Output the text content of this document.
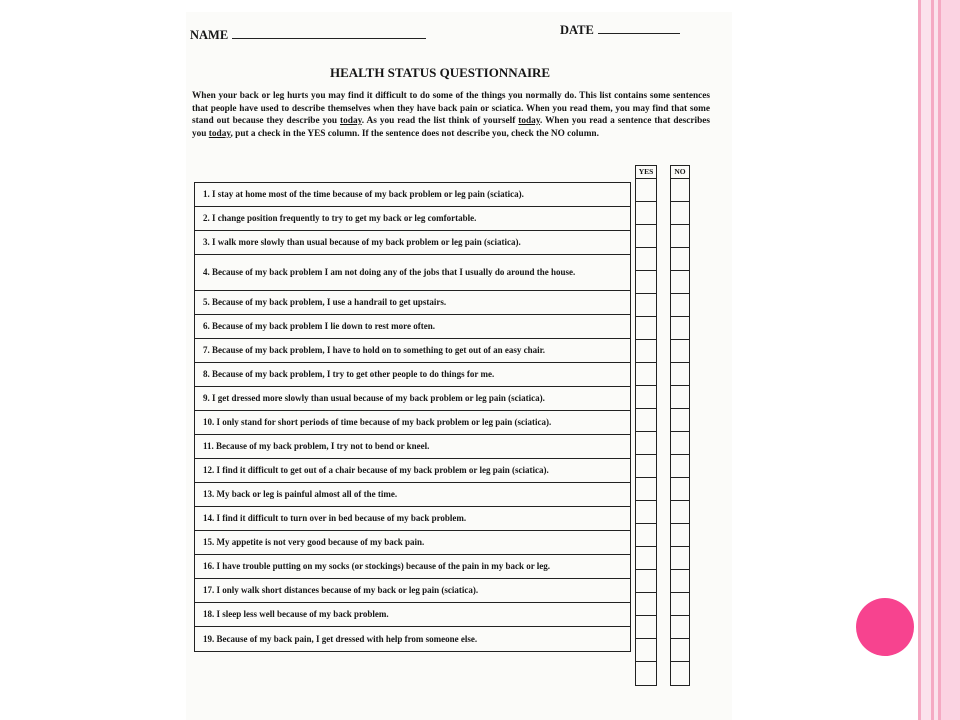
NAME	DATE
HEALTH STATUS QUESTIONNAIRE
When your back or leg hurts you may find it difficult to do some of the things you normally do. This list contains some sentences that people have used to describe themselves when they have back pain or sciatica. When you read them, you may find that some stand out because they describe you today. As you read the list think of yourself today. When you read a sentence that describes you today, put a check in the YES column. If the sentence does not describe you, check the NO column.
YES	NO
1. I stay at home most of the time because of my back problem or leg pain (sciatica).
2. I change position frequently to try to get my back or leg comfortable.
3. I walk more slowly than usual because of my back problem or leg pain (sciatica).
4. Because of my back problem I am not doing any of the jobs that I usually do around the house.
5. Because of my back problem, I use a handrail to get upstairs.
6. Because of my back problem I lie down to rest more often.
7. Because of my back problem, I have to hold on to something to get out of an easy chair.
8. Because of my back problem, I try to get other people to do things for me.
9. I get dressed more slowly than usual because of my back problem or leg pain (sciatica).
10. I only stand for short periods of time because of my back problem or leg pain (sciatica).
11. Because of my back problem, I try not to bend or kneel.
12. I find it difficult to get out of a chair because of my back problem or leg pain (sciatica).
13. My back or leg is painful almost all of the time.
14. I find it difficult to turn over in bed because of my back problem.
15. My appetite is not very good because of my back pain.
16. I have trouble putting on my socks (or stockings) because of the pain in my back or leg.
17. I only walk short distances because of my back or leg pain (sciatica).
18. I sleep less well because of my back problem.
19. Because of my back pain, I get dressed with help from someone else.
